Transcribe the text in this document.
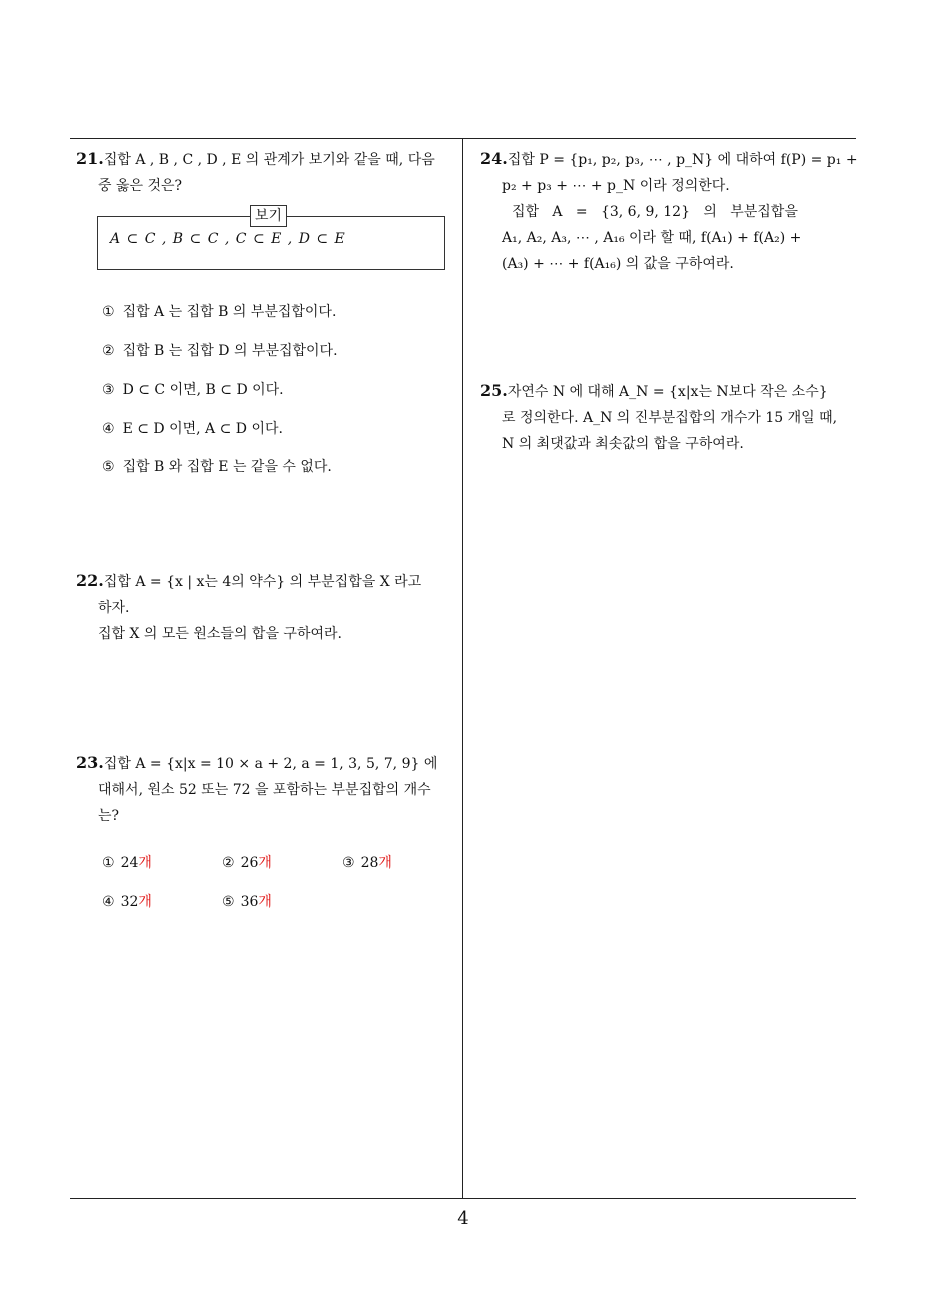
21.집합 A , B , C , D , E 의 관계가 보기와 같을 때, 다음
중 옳은 것은?
보기
A ⊂ C , B ⊂ C , C ⊂ E , D ⊂ E
① 집합 A 는 집합 B 의 부분집합이다.
② 집합 B 는 집합 D 의 부분집합이다.
③ D ⊂ C 이면, B ⊂ D 이다.
④ E ⊂ D 이면, A ⊂ D 이다.
⑤ 집합 B 와 집합 E 는 같을 수 없다.
22.집합 A = {x | x는 4의 약수} 의 부분집합을 X 라고
하자.
집합 X 의 모든 원소들의 합을 구하여라.
23.집합 A = {x|x = 10 × a + 2, a = 1, 3, 5, 7, 9} 에
대해서, 원소 52 또는 72 을 포함하는 부분집합의 개수
는?
① 24개	② 26개	③ 28개
④ 32개	⑤ 36개
24.집합 P = {p₁, p₂, p₃, ⋯ , p_N} 에 대하여 f(P) = p₁ +
p₂ + p₃ + ⋯ + p_N 이라 정의한다.
집합   A   =   {3, 6, 9, 12}   의   부분집합을
A₁, A₂, A₃, ⋯ , A₁₆ 이라 할 때, f(A₁) + f(A₂) +
(A₃) + ⋯ + f(A₁₆) 의 값을 구하여라.
25.자연수 N 에 대해 A_N = {x|x는 N보다 작은 소수}
로 정의한다. A_N 의 진부분집합의 개수가 15 개일 때,
N 의 최댓값과 최솟값의 합을 구하여라.
4
